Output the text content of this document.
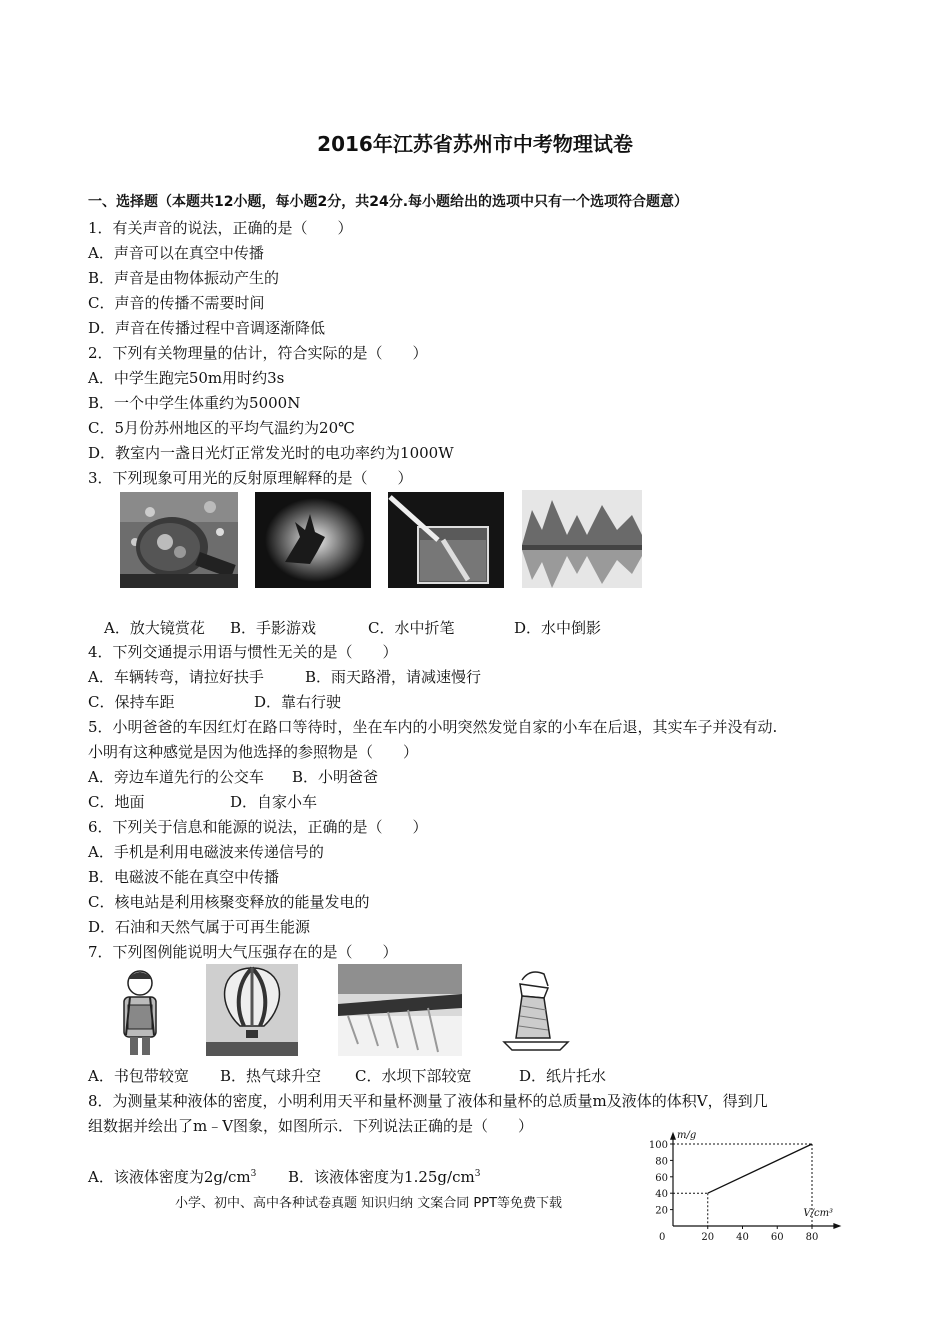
2016年江苏省苏州市中考物理试卷
一、选择题（本题共12小题，每小题2分，共24分.每小题给出的选项中只有一个选项符合题意）
1．有关声音的说法，正确的是（　　）
A．声音可以在真空中传播
B．声音是由物体振动产生的
C．声音的传播不需要时间
D．声音在传播过程中音调逐渐降低
2．下列有关物理量的估计，符合实际的是（　　）
A．中学生跑完50m用时约3s
B．一个中学生体重约为5000N
C．5月份苏州地区的平均气温约为20℃
D．教室内一盏日光灯正常发光时的电功率约为1000W
3．下列现象可用光的反射原理解释的是（　　）
A．放大镜赏花 B．手影游戏	C．水中折笔	D．水中倒影
4．下列交通提示用语与惯性无关的是（　　）
A．车辆转弯，请拉好扶手	B．雨天路滑，请减速慢行
C．保持车距	D．靠右行驶
5．小明爸爸的车因红灯在路口等待时，坐在车内的小明突然发觉自家的小车在后退，其实车子并没有动.
小明有这种感觉是因为他选择的参照物是（　　）
A．旁边车道先行的公交车 B．小明爸爸
C．地面	D．自家小车
6．下列关于信息和能源的说法，正确的是（　　）
A．手机是利用电磁波来传递信号的
B．电磁波不能在真空中传播
C．核电站是利用核聚变释放的能量发电的
D．石油和天然气属于可再生能源
7．下列图例能说明大气压强存在的是（　　）
A．书包带较宽 B．热气球升空 C．水坝下部较宽	D．纸片托水
8．为测量某种液体的密度，小明利用天平和量杯测量了液体和量杯的总质量m及液体的体积V，得到几
组数据并绘出了m﹣V图象，如图所示．下列说法正确的是（　　）
A．该液体密度为$2g/cm^3$ B．该液体密度为$1.25g/cm^3$
m/g
V/cm³
0	20 40 60 80
20
40
60
80
100
小学、初中、高中各种试卷真题 知识归纳 文案合同 PPT等免费下载
